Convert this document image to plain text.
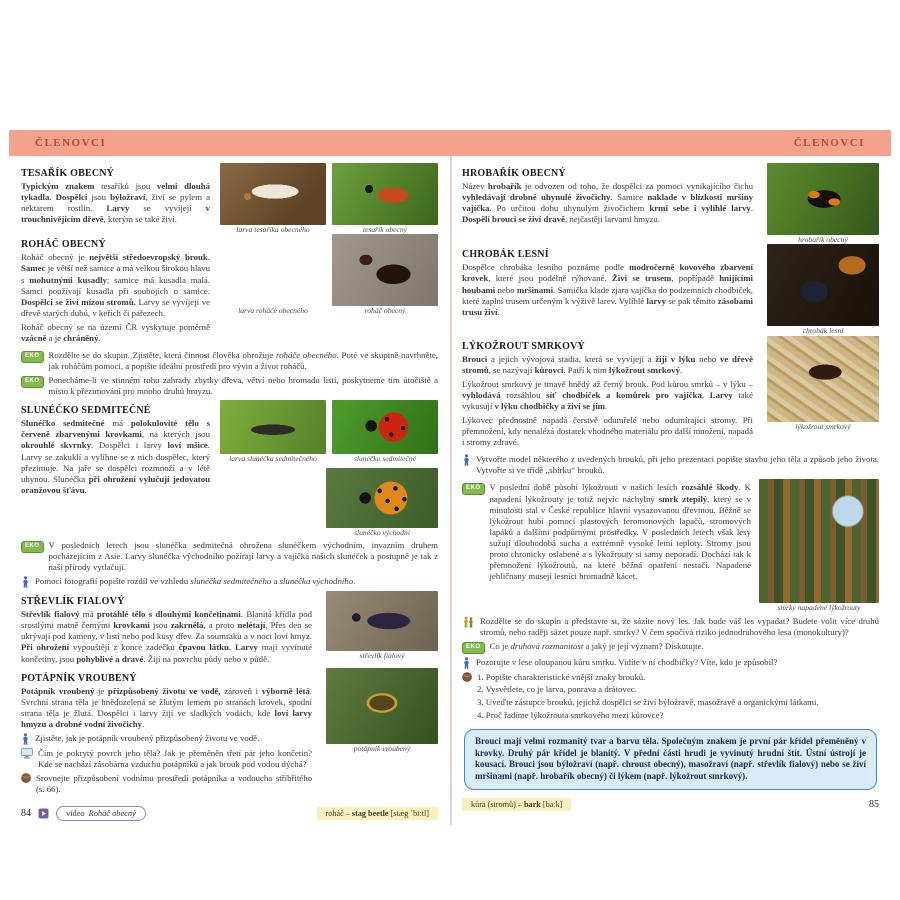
ČLENOVCI	ČLENOVCI
TESAŘÍK OBECNÝ

Typickým znakem tesaříků jsou velmi dlouhá tykadla. Dospělci jsou býložraví, živí se pylem a nektarem rostlin. Larvy se vyvíjejí v trouchnivějícím dřevě, kterým se také živí.

larva tesaříka obecného	tesařík obecný
ROHÁČ OBECNÝ

Roháč obecný je největší středoevropský brouk. Samec je větší než samice a má velkou širokou hlavu s mohutnými kusadly; samice má kusadla malá. Samci používají kusadla při soubojích o samice. Dospělci se živí mízou stromů. Larvy se vyvíjejí ve dřevě starých dubů, v keřích či pařezech.

Roháč obecný se na území ČR vyskytuje poměrně vzácně a je chráněný.

larva roháče obecného	roháč obecný
EKO	Rozdělte se do skupin. Zjistěte, která činnost člověka ohrožuje roháče obecného. Poté ve skupině navrhněte, jak roháčům pomoci, a popište ideální prostředí pro vývin a život roháčů.

EKO	Ponecháme-li ve stinném rohu zahrady zbytky dřeva, větví nebo hromadu listí, poskytneme tím útočiště a místo k přezimování pro mnoho druhů hmyzu.

SLUNÉČKO SEDMITEČNÉ

Slunéčko sedmitečné má polokulovité tělo s červeně zbarvenými krovkami, na kterých jsou okrouhlé skvrnky. Dospělci i larvy loví mšice. Larvy se zakuklí a vylíhne se z nich dospělec, který přezimuje. Na jaře se dospělci rozmnoží a v létě uhynou. Slunéčka při ohrožení vylučují jedovatou oranžovou šťávu.

larva slunéčka sedmitečného	slunéčko sedmitečné
slunéčko východní
EKO	V posledních letech jsou slunéčka sedmitečná ohrožena slunéčkem východním, invazním druhem pocházejícím z Asie. Larvy slunéčka východního požírají larvy a vajíčka našich slunéček a postupně je tak z naší přírody vytlačují.

Pomocí fotografií popište rozdíl ve vzhledu slunéčka sedmitečného a slunéčka východního.

STŘEVLÍK FIALOVÝ

Střevlík fialový má protáhlé tělo s dlouhými končetinami. Blanitá křídla pod srostlými matně černými krovkami jsou zakrnělá, a proto nelétají. Přes den se ukrývají pod kameny, v listí nebo pod kusy dřev. Za soumraku a v noci loví hmyz. Při ohrožení vypouštějí z konce zadečku čpavou látku. Larvy mají vyvinuté končetiny, jsou pohyblivé a dravé. Žijí na povrchu půdy nebo v půdě.	střevlík fialový
POTÁPNÍK VROUBENÝ

Potápník vroubený je přizpůsobený životu ve vodě, zároveň i výborně létá. Svrchní strana těla je hnědozelená se žlutým lemem po stranách krovek, spodní strana těla je žlutá. Dospělci i larvy žijí ve sladkých vodách, kde loví larvy hmyzu a drobné vodní živočichy.

Zjistěte, jak je potápník vroubený přizpůsobený životu ve vodě.

Čím je pokrytý povrch jeho těla? Jak je přeměněn třetí pár jeho končetin? Kde se nachází zásobárna vzduchu potápníků a jak brouk pod vodou dýchá?

Srovnejte přizpůsobení vodnímu prostředí potápníka a vodoucha stříbřitého (s. 66).

potápník vroubený
84	video Roháč obecný	roháč – stag beetle [stæg ˈbiːtl]
HROBAŘÍK OBECNÝ

Název hrobařík je odvozen od toho, že dospělci za pomoci vynikajícího čichu vyhledávají drobné uhynulé živočichy. Samice naklade v blízkosti mršiny vajíčka. Po určitou dobu uhynulým živočichem krmí sebe i vylíhlé larvy. Dospělí brouci se živí dravě, nejčastěji larvami hmyzu.

hrobařík obecný
CHROBÁK LESNÍ

Dospělce chrobáka lesního poznáme podle modročerně kovového zbarvení krovek, které jsou podélně rýhované. Živí se trusem, popřípadě hnijícími houbami nebo mršinami. Samička klade zjara vajíčka do podzemních chodbiček, které zaplní trusem určeným k výživě larev. Vylíhlé larvy se pak těmito zásobami trusu živí.

chrobák lesní
LÝKOŽROUT SMRKOVÝ

Brouci a jejich vývojová stadia, která se vyvíjejí a žijí v lýku nebo ve dřevě stromů, se nazývají kůrovci. Patří k nim lýkožrout smrkový.

Lýkožrout smrkový je tmavě hnědý až černý brouk. Pod kůrou smrků – v lýku – vyhlodává rozsáhlou síť chodbiček a komůrek pro vajíčka. Larvy také vykusují v lýku chodbičky a živí se jím.

Lýkovec přednostně napadá čerstvě odumřelé nebo odumírající stromy. Při přemnožení, kdy nenalézá dostatek vhodného materiálu pro další množení, napadá i stromy zdravé.

lýkožrout smrkový

Vytvořte model některého z uvedených brouků, při jeho prezentaci popište stavbu jeho těla a způsob jeho života. Vytvořte si ve třídě „sbírku“ brouků.

EKO	V poslední době působí lýkožrouti v našich lesích rozsáhlé škody. K napadení lýkožrouty je totiž nejvíc náchylný smrk ztepilý, který se v minulosti stal v České republice hlavní vysazovanou dřevinou. Běžně se lýkožrout hubí pomocí plastových feromonových lapačů, stromových lapáků a dalšími podpůrnými prostředky. V posledních letech však lesy sužují dlouhodobá sucha a extrémně vysoké letní teploty. Stromy jsou proto chronicky oslabené a s lýkožrouty si samy neporadí. Dochází tak k přemnožení lýkožroutů, na které běžná opatření nestačí. Napadené jehličnany musejí lesníci hromadně kácet.

smrky napadené lýkožrouty

Rozdělte se do skupin a představte si, že sázíte nový les. Jak bude váš les vypadat? Budete volit více druhů stromů, nebo raději sázet pouze např. smrky? V čem spočívá riziko jednodruhového lesa (monokultury)?

EKO	Co je druhová rozmanitost a jaký je její význam? Diskutujte.

Pozorujte v lese oloupanou kůru smrku. Vidíte v ní chodbičky? Víte, kdo je způsobil?

1. Popište charakteristické vnější znaky brouků.
2. Vysvětlete, co je larva, ponrava a drátovec.
3. Uveďte zástupce brouků, jejichž dospělci se živí býložravě, masožravě a organickými látkami.
4. Proč řadíme lýkožrouta smrkového mezi kůrovce?
Brouci mají velmi rozmanitý tvar a barvu těla. Společným znakem je první pár křídel přeměněný v krovky. Druhý pár křídel je blanitý. V přední části hrudi je vyvinutý hrudní štít. Ústní ústrojí je kousací. Brouci jsou býložraví (např. chroust obecný), masožraví (např. střevlík fialový) nebo se živí mršinami (např. hrobařík obecný) či lýkem (např. lýkožrout smrkový).
kůra (stromů) – bark [baːk]	85
